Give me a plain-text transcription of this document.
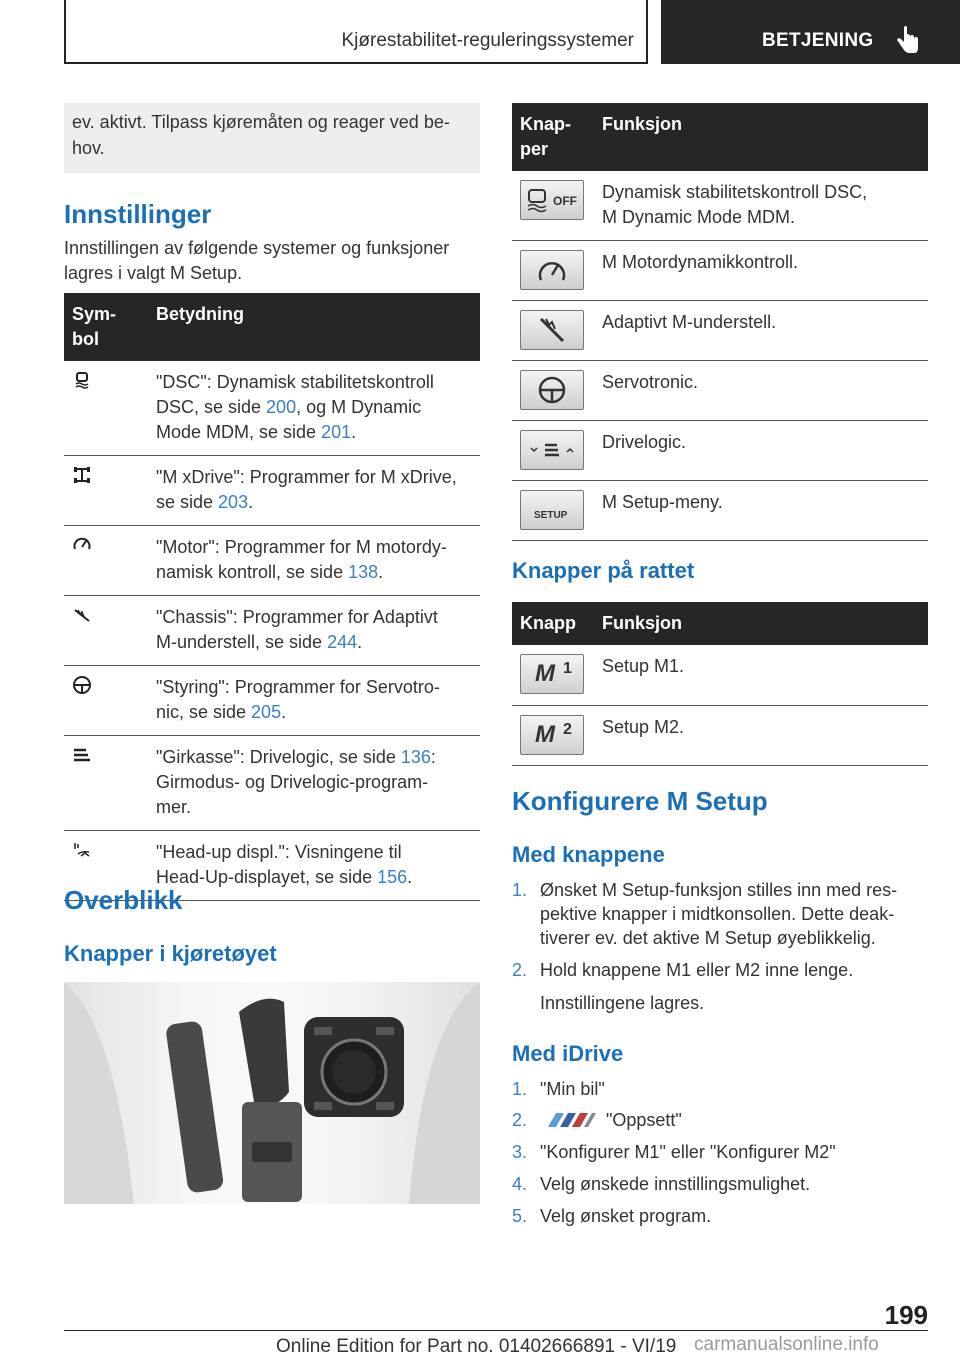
Kjørestabilitet-reguleringssystemer	BETJENING
ev. aktivt. Tilpass kjøremåten og reager ved be-
hov.
Innstillinger
Innstillingen av følgende systemer og funksjoner
lagres i valgt M Setup.
Sym-
bol	Betydning
	"DSC": Dynamisk stabilitetskontroll
DSC, se side 200, og M Dynamic
Mode MDM, se side 201.
	"M xDrive": Programmer for M xDrive,
se side 203.
	"Motor": Programmer for M motordy-
namisk kontroll, se side 138.
	"Chassis": Programmer for Adaptivt
M-understell, se side 244.
	"Styring": Programmer for Servotro-
nic, se side 205.
	"Girkasse": Drivelogic, se side 136:
Girmodus- og Drivelogic-program-
mer.
	"Head-up displ.": Visningene til
Head-Up-displayet, se side 156.
Overblikk
Knapper i kjøretøyet
Knap-
per	Funksjon

OFF	Dynamisk stabilitetskontroll DSC,
M Dynamic Mode MDM.

	M Motordynamikkontroll.

	Adaptivt M-understell.

	Servotronic.

	Drivelogic.

SETUP	M Setup-meny.
Knapper på rattet
Knapp	Funksjon

M 1	Setup M1.

M 2	Setup M2.
Konfigurere M Setup
Med knappene
1. Ønsket M Setup-funksjon stilles inn med res-
pektive knapper i midtkonsollen. Dette deak-
tiverer ev. det aktive M Setup øyeblikkelig.
2. Hold knappene M1 eller M2 inne lenge.
Innstillingene lagres.
Med iDrive
1. "Min bil"
2.	"Oppsett"
3. "Konfigurer M1" eller "Konfigurer M2"
4. Velg ønskede innstillingsmulighet.
5. Velg ønsket program.
199
Online Edition for Part no. 01402666891 - VI/19 carmanualsonline.info
